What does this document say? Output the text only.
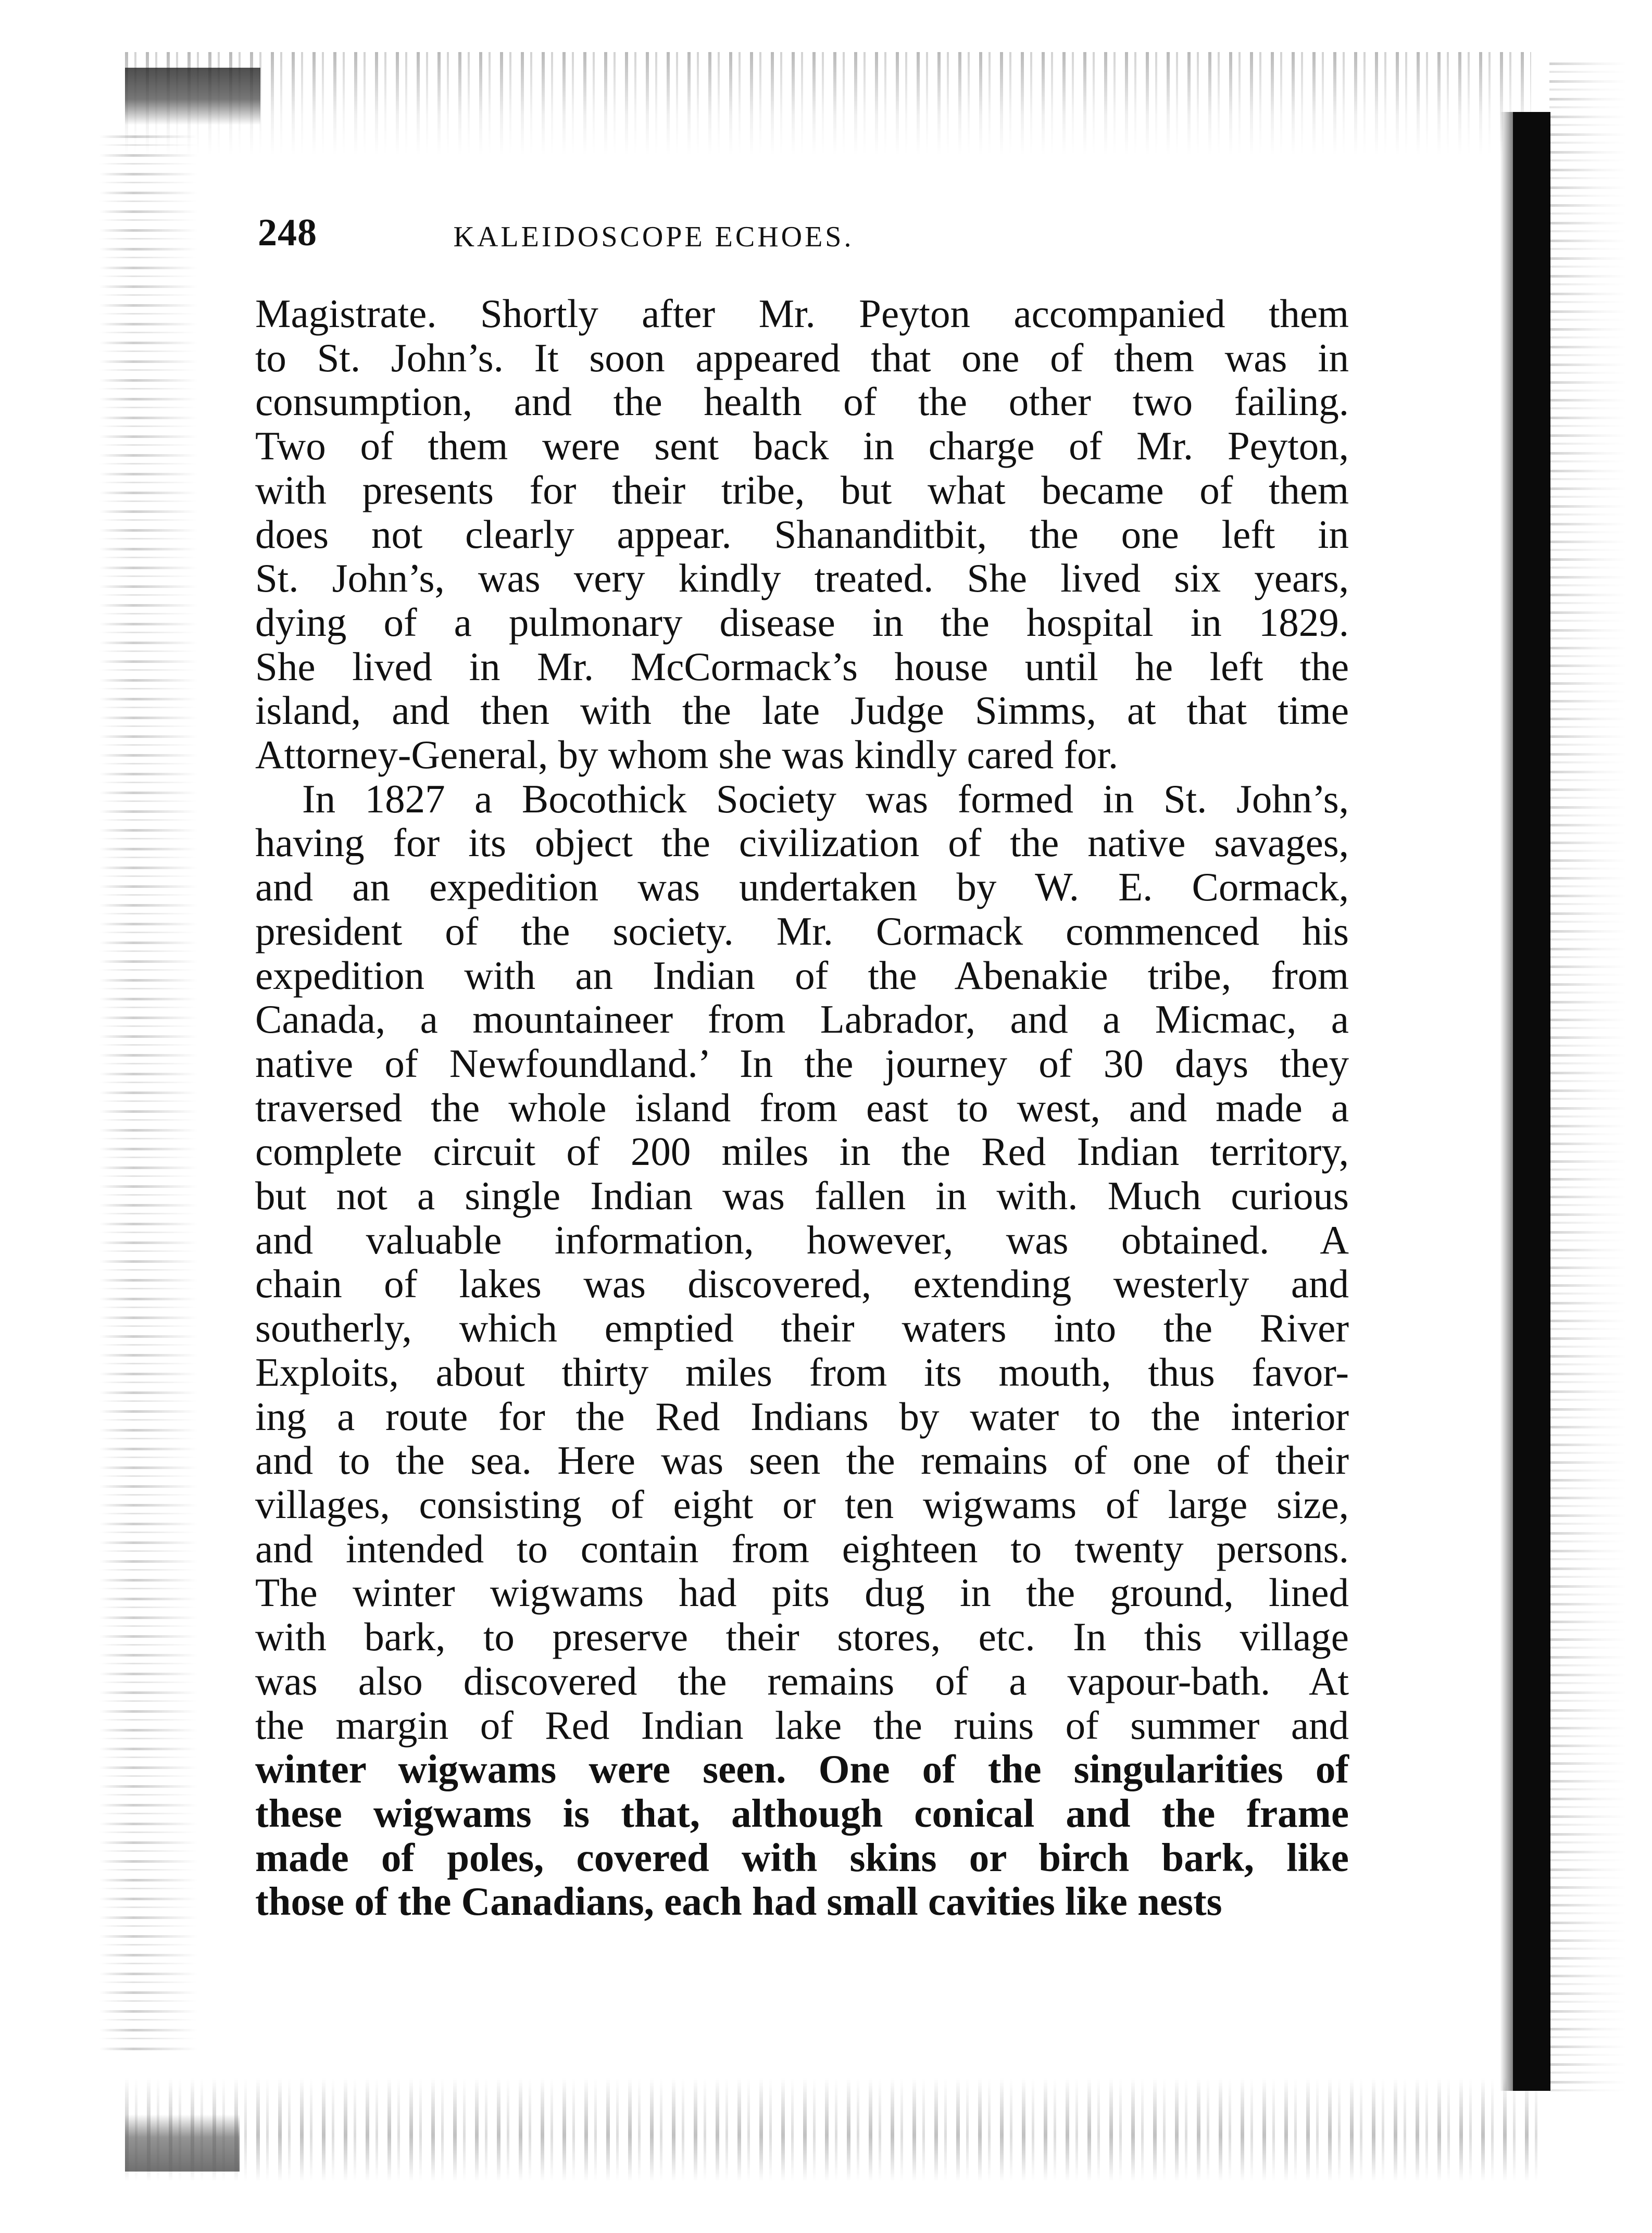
248	KALEIDOSCOPE ECHOES.
Magistrate. Shortly after Mr. Peyton accompanied them
to St. John’s. It soon appeared that one of them was in
consumption, and the health of the other two failing.
Two of them were sent back in charge of Mr. Peyton,
with presents for their tribe, but what became of them
does not clearly appear. Shananditbit, the one left in
St. John’s, was very kindly treated. She lived six years,
dying of a pulmonary disease in the hospital in 1829.
She lived in Mr. McCormack’s house until he left the
island, and then with the late Judge Simms, at that time
Attorney-General, by whom she was kindly cared for.
In 1827 a Bocothick Society was formed in St. John’s,
having for its object the civilization of the native savages,
and an expedition was undertaken by W. E. Cormack,
president of the society. Mr. Cormack commenced his
expedition with an Indian of the Abenakie tribe, from
Canada, a mountaineer from Labrador, and a Micmac, a
native of Newfoundland.’ In the journey of 30 days they
traversed the whole island from east to west, and made a
complete circuit of 200 miles in the Red Indian territory,
but not a single Indian was fallen in with. Much curious
and valuable information, however, was obtained. A
chain of lakes was discovered, extending westerly and
southerly, which emptied their waters into the River
Exploits, about thirty miles from its mouth, thus favor-
ing a route for the Red Indians by water to the interior
and to the sea. Here was seen the remains of one of their
villages, consisting of eight or ten wigwams of large size,
and intended to contain from eighteen to twenty persons.
The winter wigwams had pits dug in the ground, lined
with bark, to preserve their stores, etc. In this village
was also discovered the remains of a vapour-bath. At
the margin of Red Indian lake the ruins of summer and
winter wigwams were seen. One of the singularities of
these wigwams is that, although conical and the frame
made of poles, covered with skins or birch bark, like
those of the Canadians, each had small cavities like nests
